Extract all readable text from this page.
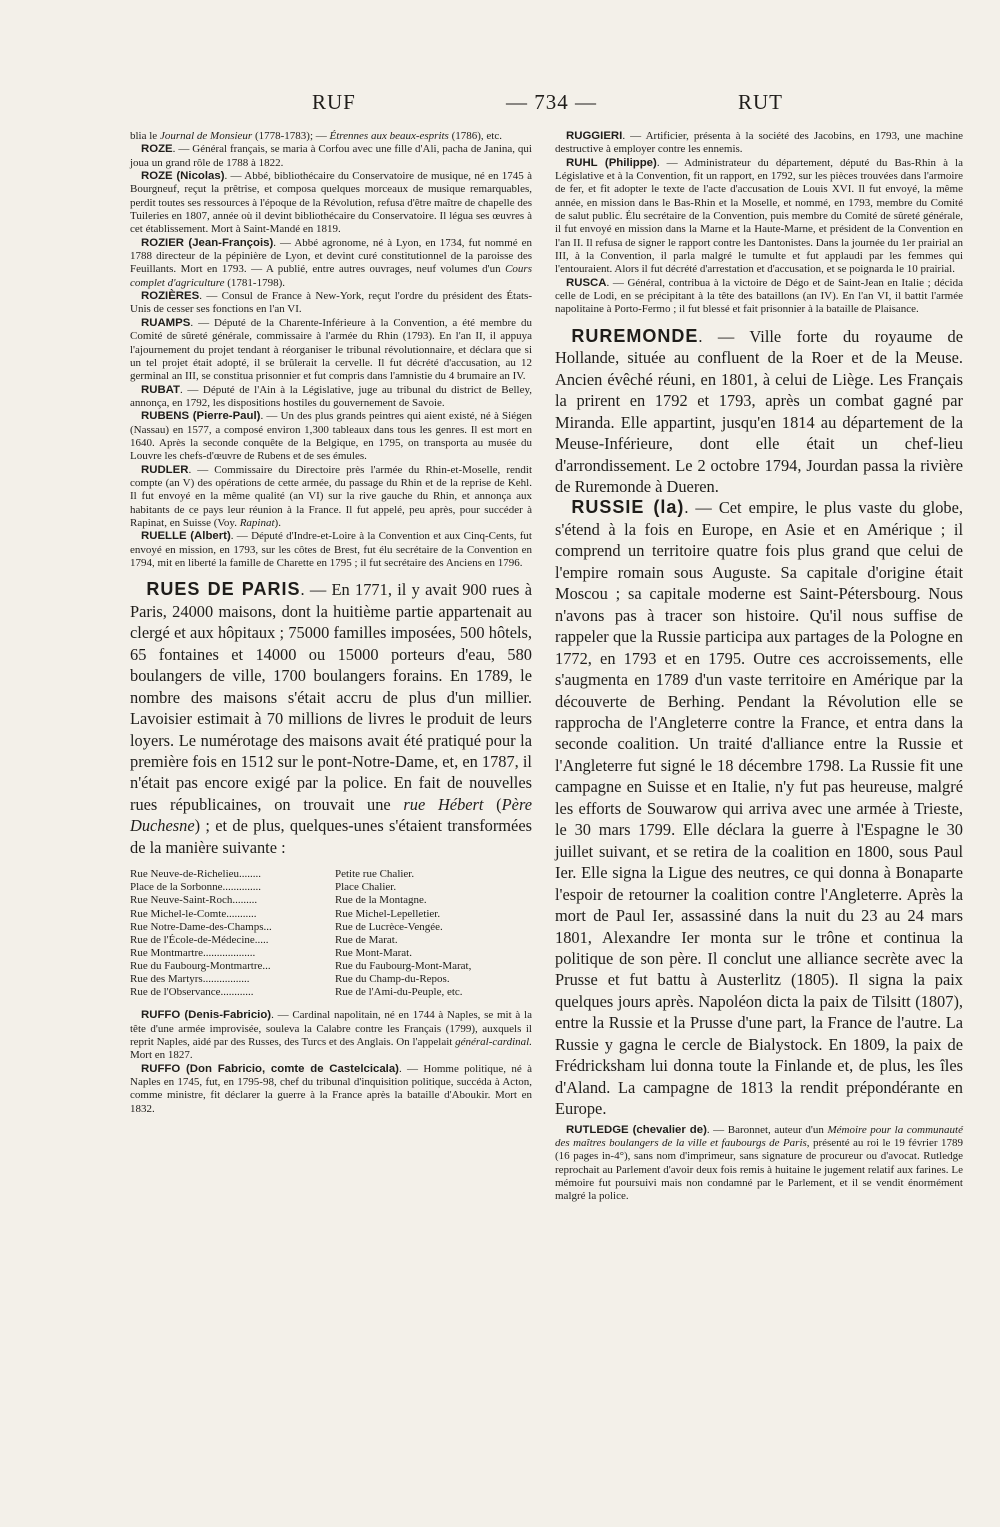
RUF	— 734 —	RUT

blia le Journal de Monsieur (1778-1783); — Étrennes aux beaux-esprits (1786), etc.

 ROZE. — Général français, se maria à Corfou avec une fille d'Ali, pacha de Janina, qui joua un grand rôle de 1788 à 1822.

 ROZE (Nicolas). — Abbé, bibliothécaire du Conservatoire de musique, né en 1745 à Bourgneuf, reçut la prêtrise, et composa quelques morceaux de musique remarquables, perdit toutes ses ressources à l'époque de la Révolution, refusa d'être maître de chapelle des Tuileries en 1807, année où il devint bibliothécaire du Conservatoire. Il légua ses œuvres à cet établissement. Mort à Saint-Mandé en 1819.

 ROZIER (Jean-François). — Abbé agronome, né à Lyon, en 1734, fut nommé en 1788 directeur de la pépinière de Lyon, et devint curé constitutionnel de la paroisse des Feuillants. Mort en 1793. — A publié, entre autres ouvrages, neuf volumes d'un Cours complet d'agriculture (1781-1798).

 ROZIÈRES. — Consul de France à New-York, reçut l'ordre du président des États-Unis de cesser ses fonctions en l'an VI.

 RUAMPS. — Député de la Charente-Inférieure à la Convention, a été membre du Comité de sûreté générale, commissaire à l'armée du Rhin (1793). En l'an II, il appuya l'ajournement du projet tendant à réorganiser le tribunal révolutionnaire, et déclara que si un tel projet était adopté, il se brûlerait la cervelle. Il fut décrété d'accusation, au 12 germinal an III, se constitua prisonnier et fut compris dans l'amnistie du 4 brumaire an IV.

 RUBAT. — Député de l'Ain à la Législative, juge au tribunal du district de Belley, annonça, en 1792, les dispositions hostiles du gouvernement de Savoie.

 RUBENS (Pierre-Paul). — Un des plus grands peintres qui aient existé, né à Siégen (Nassau) en 1577, a composé environ 1,300 tableaux dans tous les genres. Il est mort en 1640. Après la seconde conquête de la Belgique, en 1795, on transporta au musée du Louvre les chefs-d'œuvre de Rubens et de ses émules.

 RUDLER. — Commissaire du Directoire près l'armée du Rhin-et-Moselle, rendit compte (an V) des opérations de cette armée, du passage du Rhin et de la reprise de Kehl. Il fut envoyé en la même qualité (an VI) sur la rive gauche du Rhin, et annonça aux habitants de ce pays leur réunion à la France. Il fut appelé, peu après, pour succéder à Rapinat, en Suisse (Voy. Rapinat).

 RUELLE (Albert). — Député d'Indre-et-Loire à la Convention et aux Cinq-Cents, fut envoyé en mission, en 1793, sur les côtes de Brest, fut élu secrétaire de la Convention en 1794, mit en liberté la famille de Charette en 1795 ; il fut secrétaire des Anciens en 1796.

 RUES DE PARIS. — En 1771, il y avait 900 rues à Paris, 24000 maisons, dont la huitième partie appartenait au clergé et aux hôpitaux ; 75000 familles imposées, 500 hôtels, 65 fontaines et 14000 ou 15000 porteurs d'eau, 580 boulangers de ville, 1700 boulangers forains. En 1789, le nombre des maisons s'était accru de plus d'un millier. Lavoisier estimait à 70 millions de livres le produit de leurs loyers. Le numérotage des maisons avait été pratiqué pour la première fois en 1512 sur le pont-Notre-Dame, et, en 1787, il n'était pas encore exigé par la police. En fait de nouvelles rues républicaines, on trouvait une rue Hébert (Père Duchesne) ; et de plus, quelques-unes s'étaient transformées de la manière suivante :

Rue Neuve-de-Richelieu........	Petite rue Chalier.
Place de la Sorbonne..............	Place Chalier.
Rue Neuve-Saint-Roch.........	Rue de la Montagne.
Rue Michel-le-Comte...........	Rue Michel-Lepelletier.
Rue Notre-Dame-des-Champs...	Rue de Lucrèce-Vengée.
Rue de l'École-de-Médecine.....	Rue de Marat.
Rue Montmartre...................	Rue Mont-Marat.
Rue du Faubourg-Montmartre...	Rue du Faubourg-Mont-Marat,
Rue des Martyrs.................	Rue du Champ-du-Repos.
Rue de l'Observance............	Rue de l'Ami-du-Peuple, etc.

 RUFFO (Denis-Fabricio). — Cardinal napolitain, né en 1744 à Naples, se mit à la tête d'une armée improvisée, souleva la Calabre contre les Français (1799), auxquels il reprit Naples, aidé par des Russes, des Turcs et des Anglais. On l'appelait général-cardinal. Mort en 1827.

 RUFFO (Don Fabricio, comte de Castelcicala). — Homme politique, né à Naples en 1745, fut, en 1795-98, chef du tribunal d'inquisition politique, succéda à Acton, comme ministre, fit déclarer la guerre à la France après la bataille d'Aboukir. Mort en 1832.

 RUGGIERI. — Artificier, présenta à la société des Jacobins, en 1793, une machine destructive à employer contre les ennemis.

 RUHL (Philippe). — Administrateur du département, député du Bas-Rhin à la Législative et à la Convention, fit un rapport, en 1792, sur les pièces trouvées dans l'armoire de fer, et fit adopter le texte de l'acte d'accusation de Louis XVI. Il fut envoyé, la même année, en mission dans le Bas-Rhin et la Moselle, et nommé, en 1793, membre du Comité de salut public. Élu secrétaire de la Convention, puis membre du Comité de sûreté générale, il fut envoyé en mission dans la Marne et la Haute-Marne, et président de la Convention en l'an II. Il refusa de signer le rapport contre les Dantonistes. Dans la journée du 1er prairial an III, à la Convention, il parla malgré le tumulte et fut applaudi par les femmes qui l'entouraient. Alors il fut décrété d'arrestation et d'accusation, et se poignarda le 10 prairial.

 RUSCA. — Général, contribua à la victoire de Dégo et de Saint-Jean en Italie ; décida celle de Lodi, en se précipitant à la tête des bataillons (an IV). En l'an VI, il battit l'armée napolitaine à Porto-Fermo ; il fut blessé et fait prisonnier à la bataille de Plaisance.

 RUREMONDE. — Ville forte du royaume de Hollande, située au confluent de la Roer et de la Meuse. Ancien évêché réuni, en 1801, à celui de Liège. Les Français la prirent en 1792 et 1793, après un combat gagné par Miranda. Elle appartint, jusqu'en 1814 au département de la Meuse-Inférieure, dont elle était un chef-lieu d'arrondissement. Le 2 octobre 1794, Jourdan passa la rivière de Ruremonde à Dueren.

 RUSSIE (la). — Cet empire, le plus vaste du globe, s'étend à la fois en Europe, en Asie et en Amérique ; il comprend un territoire quatre fois plus grand que celui de l'empire romain sous Auguste. Sa capitale d'origine était Moscou ; sa capitale moderne est Saint-Pétersbourg. Nous n'avons pas à tracer son histoire. Qu'il nous suffise de rappeler que la Russie participa aux partages de la Pologne en 1772, en 1793 et en 1795. Outre ces accroissements, elle s'augmenta en 1789 d'un vaste territoire en Amérique par la découverte de Berhing. Pendant la Révolution elle se rapprocha de l'Angleterre contre la France, et entra dans la seconde coalition. Un traité d'alliance entre la Russie et l'Angleterre fut signé le 18 décembre 1798. La Russie fit une campagne en Suisse et en Italie, n'y fut pas heureuse, malgré les efforts de Souwarow qui arriva avec une armée à Trieste, le 30 mars 1799. Elle déclara la guerre à l'Espagne le 30 juillet suivant, et se retira de la coalition en 1800, sous Paul Ier. Elle signa la Ligue des neutres, ce qui donna à Bonaparte l'espoir de retourner la coalition contre l'Angleterre. Après la mort de Paul Ier, assassiné dans la nuit du 23 au 24 mars 1801, Alexandre Ier monta sur le trône et continua la politique de son père. Il conclut une alliance secrète avec la Prusse et fut battu à Austerlitz (1805). Il signa la paix quelques jours après. Napoléon dicta la paix de Tilsitt (1807), entre la Russie et la Prusse d'une part, la France de l'autre. La Russie y gagna le cercle de Bialystock. En 1809, la paix de Frédricksham lui donna toute la Finlande et, de plus, les îles d'Aland. La campagne de 1813 la rendit prépondérante en Europe.

 RUTLEDGE (chevalier de). — Baronnet, auteur d'un Mémoire pour la communauté des maîtres boulangers de la ville et faubourgs de Paris, présenté au roi le 19 février 1789 (16 pages in-4°), sans nom d'imprimeur, sans signature de procureur ou d'avocat. Rutledge reprochait au Parlement d'avoir deux fois remis à huitaine le jugement relatif aux farines. Le mémoire fut poursuivi mais non condamné par le Parlement, et il se vendit énormément malgré la police.
